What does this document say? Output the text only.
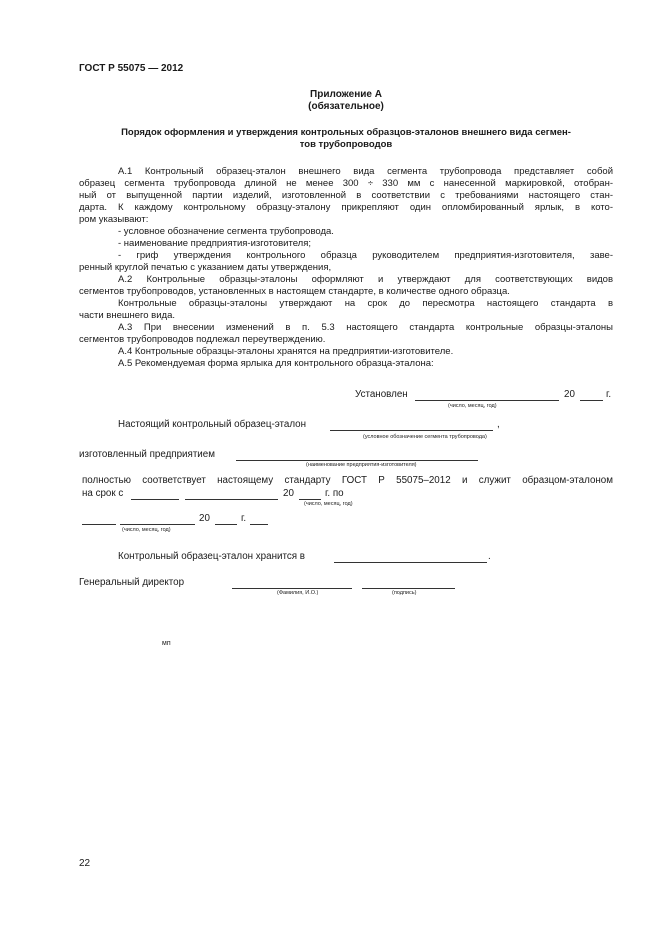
ГОСТ Р 55075 — 2012
Приложение А
(обязательное)
Порядок оформления и утверждения контрольных образцов-эталонов внешнего вида сегмен-
тов трубопроводов
А.1 Контрольный образец-эталон внешнего вида сегмента трубопровода представляет собой
образец сегмента трубопровода длиной не менее 300 ÷ 330 мм с нанесенной маркировкой, отобран-
ный от выпущенной партии изделий, изготовленной в соответствии с требованиями настоящего стан-
дарта. К каждому контрольному образцу-эталону прикрепляют один опломбированный ярлык, в кото-
ром указывают:
- условное обозначение сегмента трубопровода.
- наименование предприятия-изготовителя;
- гриф утверждения контрольного образца руководителем предприятия-изготовителя, заве-
ренный круглой печатью с указанием даты утверждения,
А.2 Контрольные образцы-эталоны оформляют и утверждают для соответствующих видов
сегментов трубопроводов, установленных в настоящем стандарте, в количестве одного образца.
Контрольные образцы-эталоны утверждают на срок до пересмотра настоящего стандарта в
части внешнего вида.
А.3 При внесении изменений в п. 5.3 настоящего стандарта контрольные образцы-эталоны
сегментов трубопроводов подлежал переутверждению.
А.4 Контрольные образцы-эталоны хранятся на предприятии-изготовителе.
А.5 Рекомендуемая форма ярлыка для контрольного образца-эталона:
Установлен	20	г.
(число, месяц, год)
Настоящий контрольный образец-эталон	,
(условное обозначение сегмента трубопровода)
изготовленный предприятием
(наименование предприятия-изготовителя)
полностью соответствует настоящему стандарту ГОСТ Р 55075–2012 и служит образцом-эталоном
на срок с	20	г. по
(число, месяц, год)
20	г.
(число, месяц, год)
Контрольный образец-эталон хранится в	.
Генеральный директор
(Фамилия, И.О.)	(подпись)
мп
22
